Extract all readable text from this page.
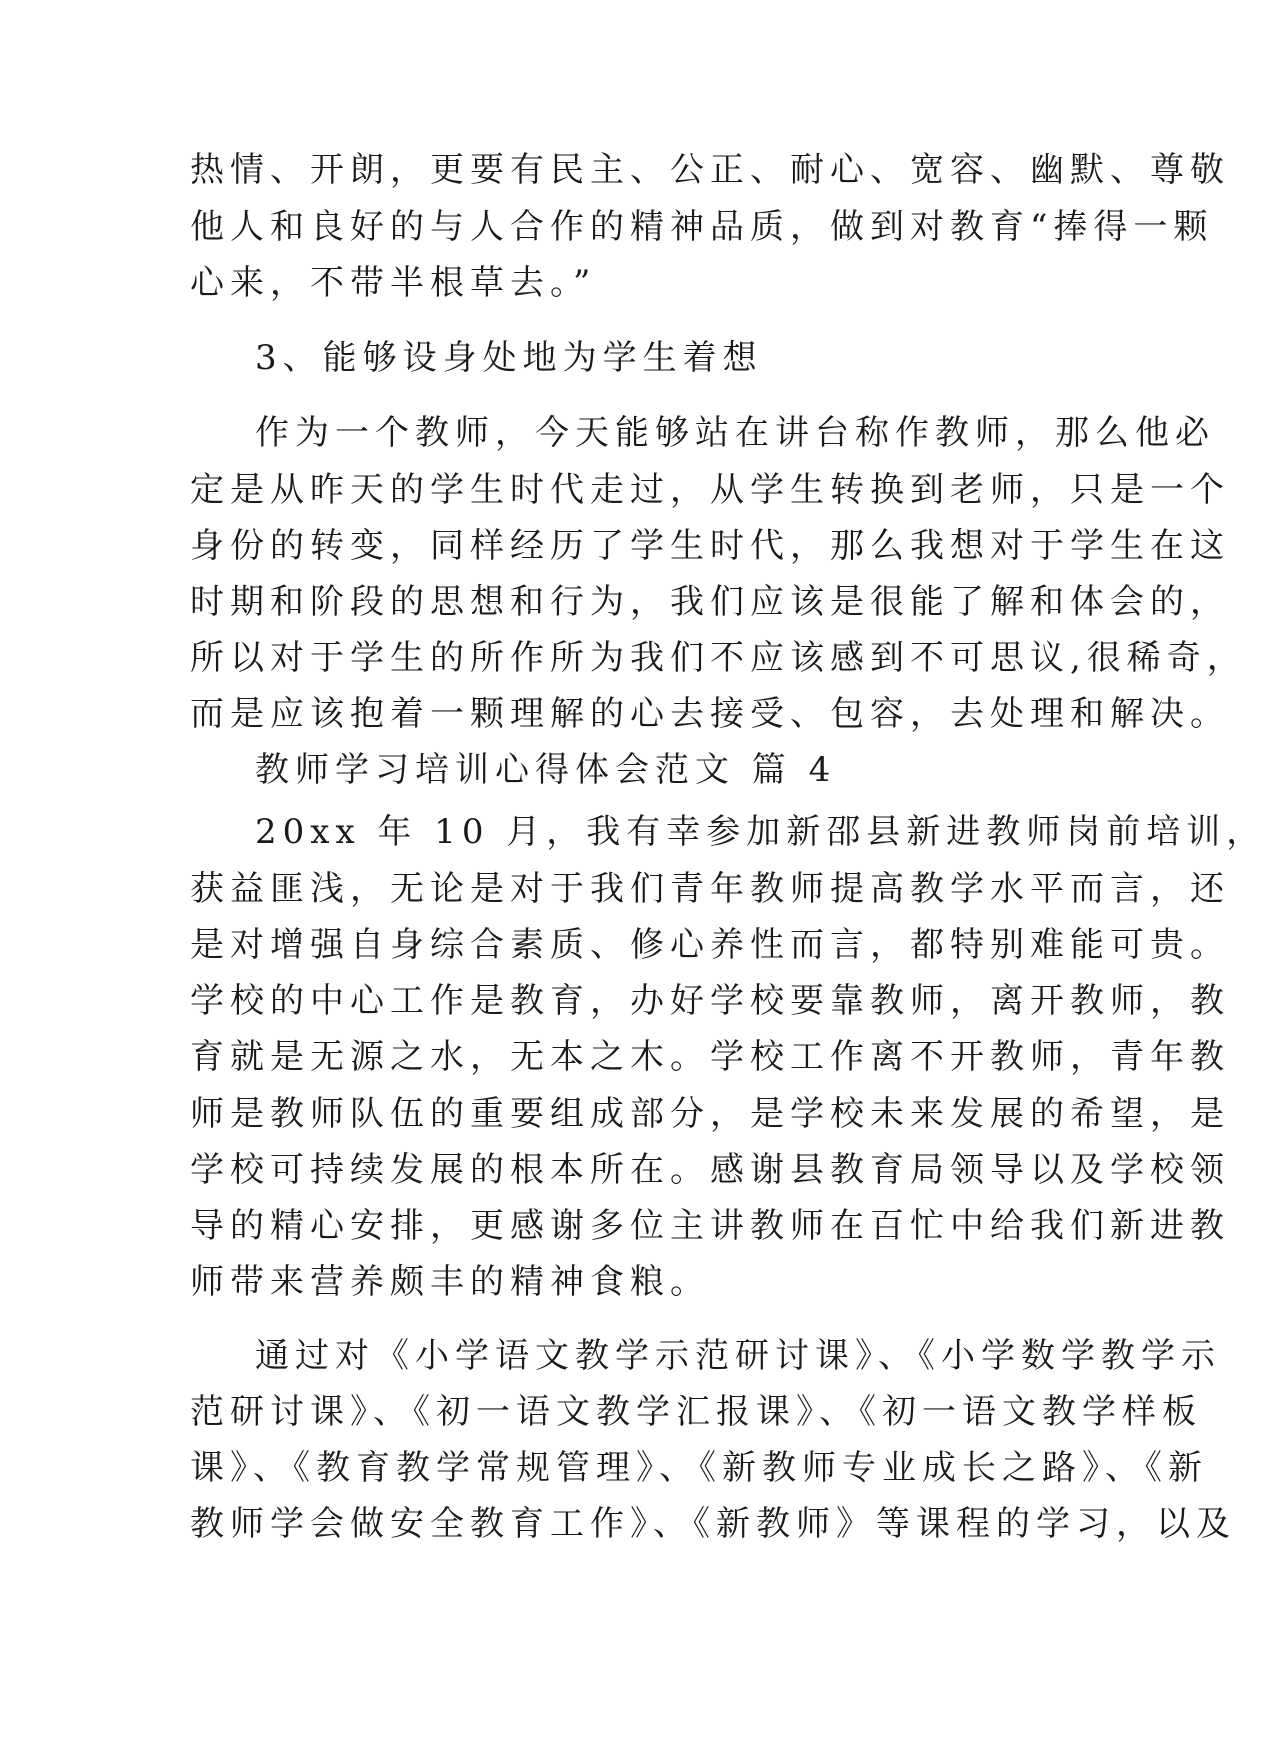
热情、开朗，更要有民主、公正、耐心、宽容、幽默、尊敬
他人和良好的与人合作的精神品质，做到对教育“捧得一颗
心来，不带半根草去。”
3、能够设身处地为学生着想
作为一个教师，今天能够站在讲台称作教师，那么他必
定是从昨天的学生时代走过，从学生转换到老师，只是一个
身份的转变，同样经历了学生时代，那么我想对于学生在这
时期和阶段的思想和行为，我们应该是很能了解和体会的，
所以对于学生的所作所为我们不应该感到不可思议,很稀奇，
而是应该抱着一颗理解的心去接受、包容，去处理和解决。
教师学习培训心得体会范文 篇 4
20xx 年 10 月，我有幸参加新邵县新进教师岗前培训，
获益匪浅，无论是对于我们青年教师提高教学水平而言，还
是对增强自身综合素质、修心养性而言，都特别难能可贵。
学校的中心工作是教育，办好学校要靠教师，离开教师，教
育就是无源之水，无本之木。学校工作离不开教师，青年教
师是教师队伍的重要组成部分，是学校未来发展的希望，是
学校可持续发展的根本所在。感谢县教育局领导以及学校领
导的精心安排，更感谢多位主讲教师在百忙中给我们新进教
师带来营养颇丰的精神食粮。
通过对《小学语文教学示范研讨课》、《小学数学教学示
范研讨课》、《初一语文教学汇报课》、《初一语文教学样板
课》、《教育教学常规管理》、《新教师专业成长之路》、《新
教师学会做安全教育工作》、《新教师》等课程的学习，以及
